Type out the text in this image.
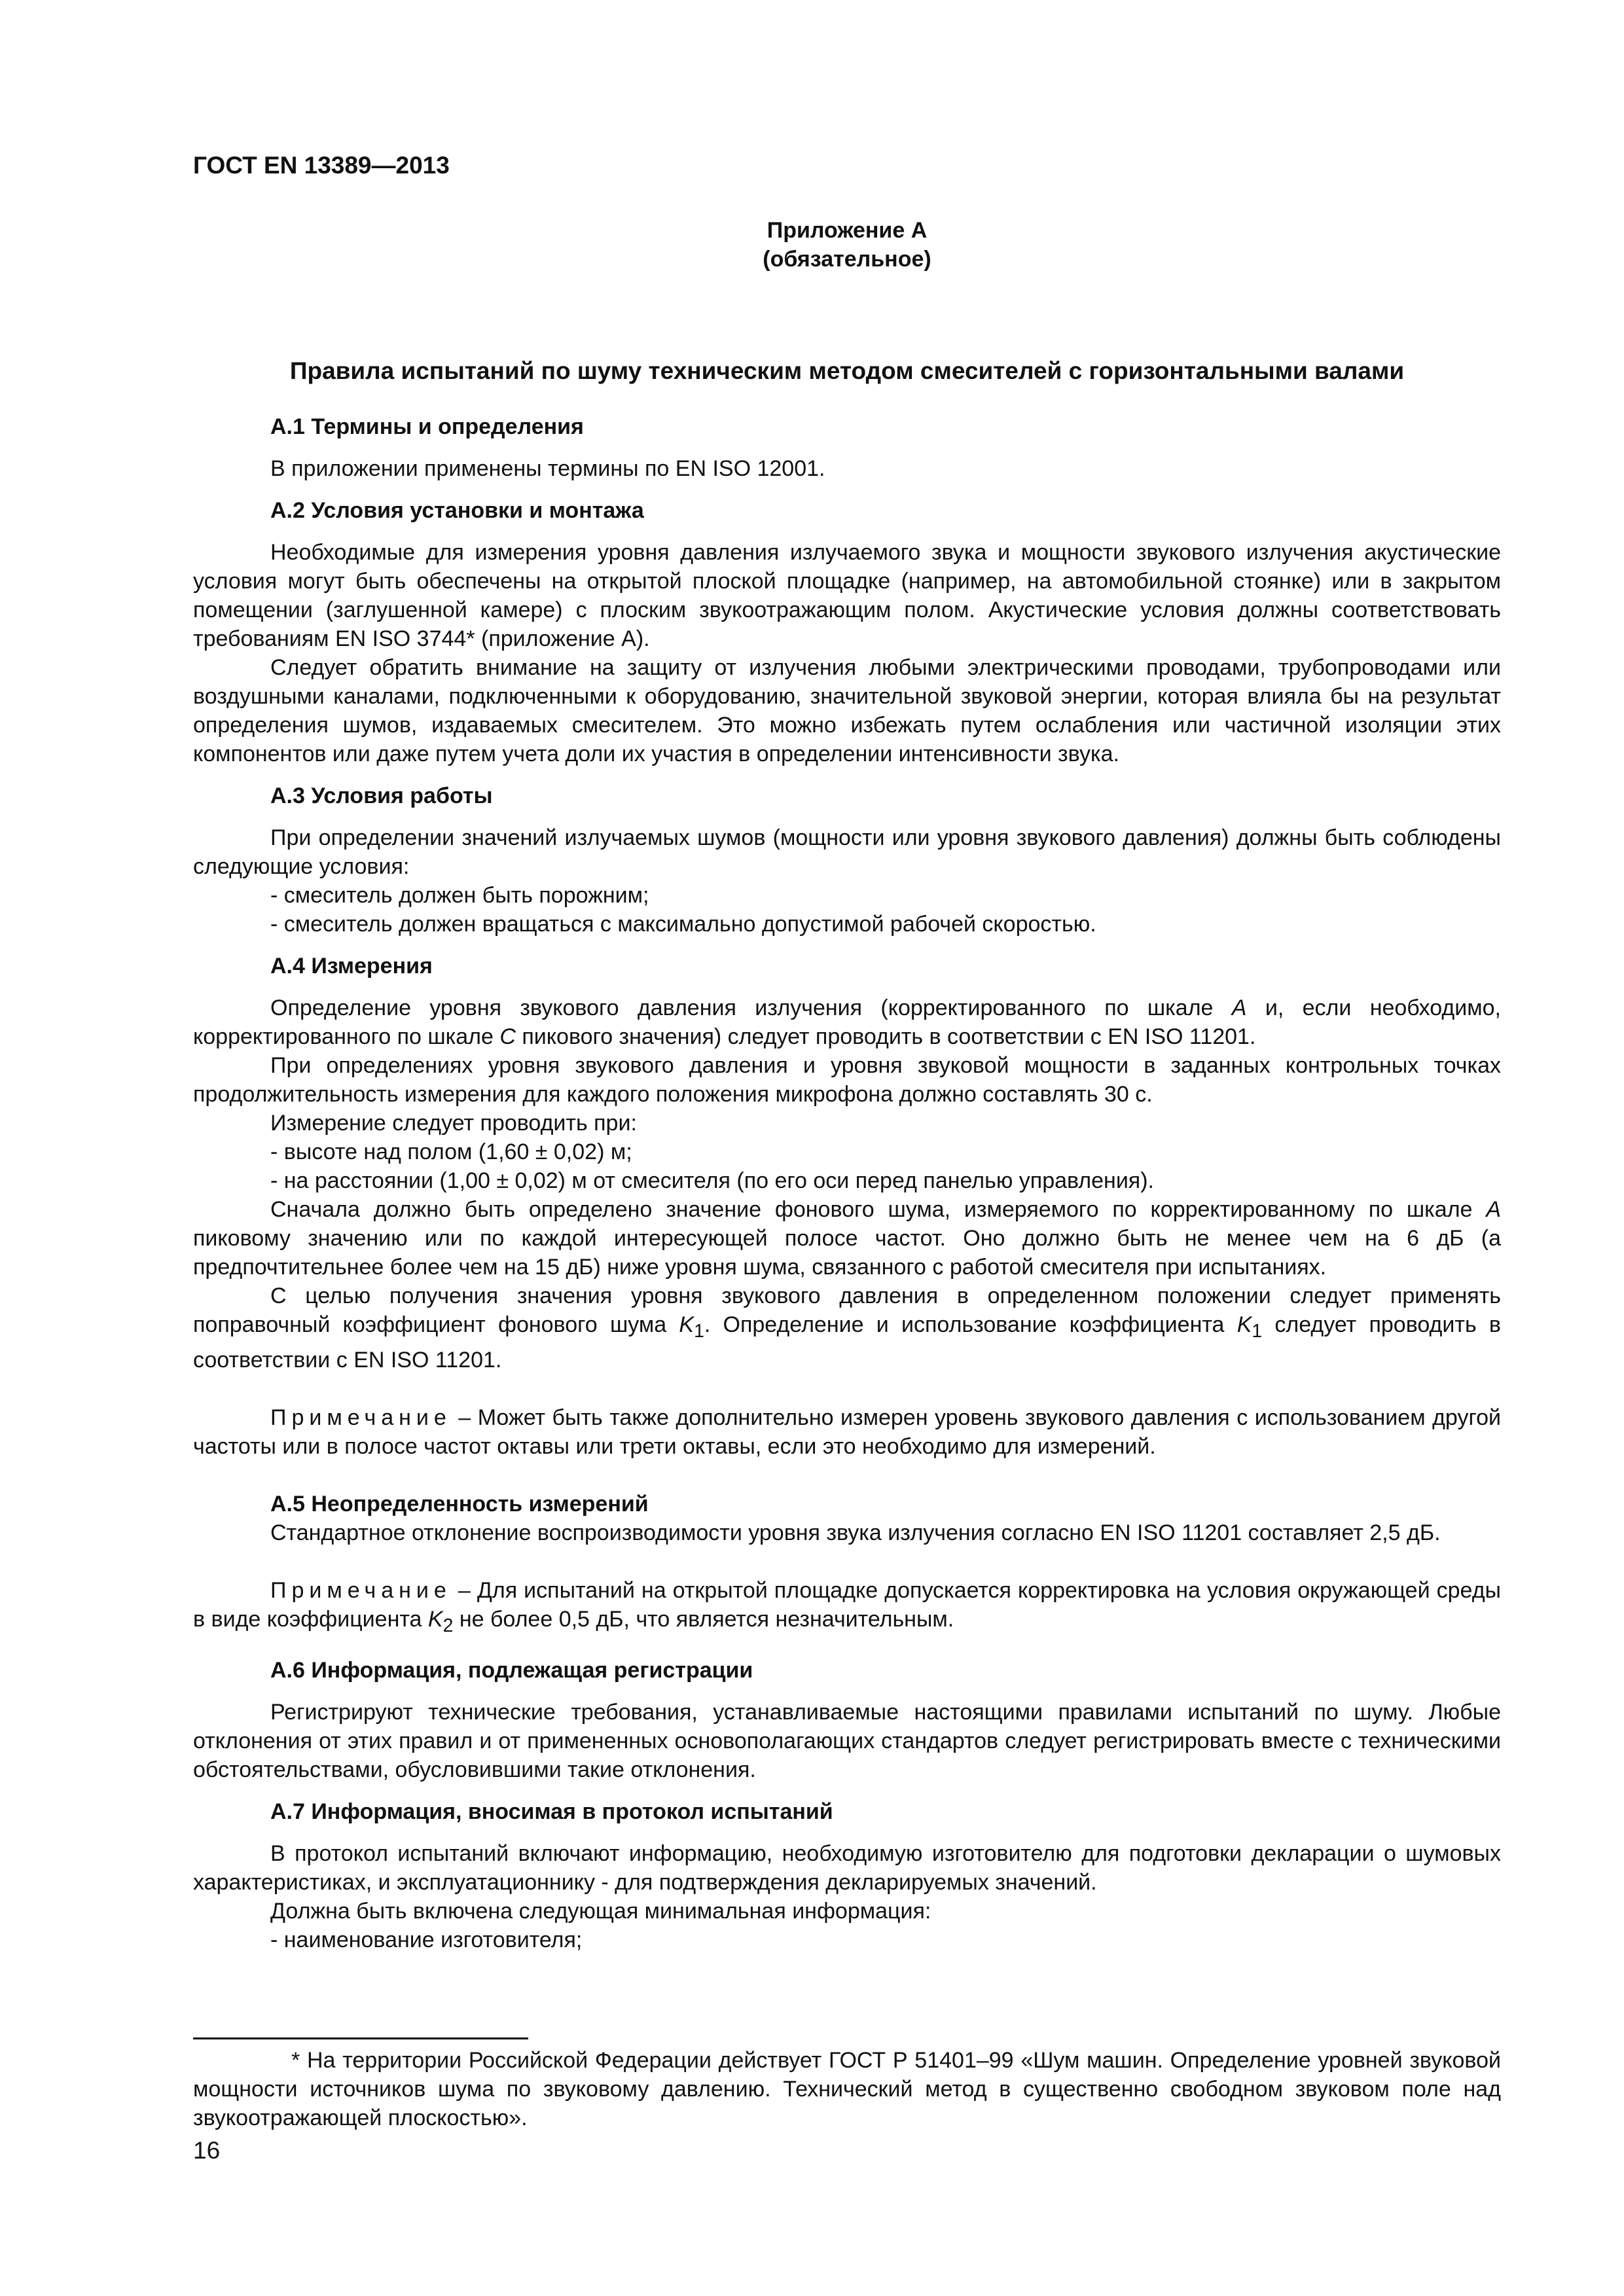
ГОСТ EN 13389—2013
Приложение А
(обязательное)
Правила испытаний по шуму техническим методом смесителей с горизонтальными валами

А.1 Термины и определения

В приложении применены термины по EN ISO 12001.

А.2 Условия установки и монтажа

Необходимые для измерения уровня давления излучаемого звука и мощности звукового излучения акустические условия могут быть обеспечены на открытой плоской площадке (например, на автомобильной стоянке) или в закрытом помещении (заглушенной камере) с плоским звукоотражающим полом. Акустические условия должны соответствовать требованиям EN ISO 3744* (приложение А).

Следует обратить внимание на защиту от излучения любыми электрическими проводами, трубопроводами или воздушными каналами, подключенными к оборудованию, значительной звуковой энергии, которая влияла бы на результат определения шумов, издаваемых смесителем. Это можно избежать путем ослабления или частичной изоляции этих компонентов или даже путем учета доли их участия в определении интенсивности звука.

А.3 Условия работы

При определении значений излучаемых шумов (мощности или уровня звукового давления) должны быть соблюдены следующие условия:

- смеситель должен быть порожним;

- смеситель должен вращаться с максимально допустимой рабочей скоростью.

А.4 Измерения

Определение уровня звукового давления излучения (корректированного по шкале A и, если необходимо, корректированного по шкале C пикового значения) следует проводить в соответствии с EN ISO 11201.

При определениях уровня звукового давления и уровня звуковой мощности в заданных контрольных точках продолжительность измерения для каждого положения микрофона должно составлять 30 с.

Измерение следует проводить при:

- высоте над полом (1,60 ± 0,02) м;

- на расстоянии (1,00 ± 0,02) м от смесителя (по его оси перед панелью управления).

Сначала должно быть определено значение фонового шума, измеряемого по корректированному по шкале A пиковому значению или по каждой интересующей полосе частот. Оно должно быть не менее чем на 6 дБ (а предпочтительнее более чем на 15 дБ) ниже уровня шума, связанного с работой смесителя при испытаниях.

С целью получения значения уровня звукового давления в определенном положении следует применять поправочный коэффициент фонового шума $K_1$. Определение и использование коэффициента $K_1$ следует проводить в соответствии с EN ISO 11201.

Примечание – Может быть также дополнительно измерен уровень звукового давления с использованием другой частоты или в полосе частот октавы или трети октавы, если это необходимо для измерений.

А.5 Неопределенность измерений

Стандартное отклонение воспроизводимости уровня звука излучения согласно EN ISO 11201 составляет 2,5 дБ.

Примечание – Для испытаний на открытой площадке допускается корректировка на условия окружающей среды в виде коэффициента $K_2$ не более 0,5 дБ, что является незначительным.

А.6 Информация, подлежащая регистрации

Регистрируют технические требования, устанавливаемые настоящими правилами испытаний по шуму. Любые отклонения от этих правил и от примененных основополагающих стандартов следует регистрировать вместе с техническими обстоятельствами, обусловившими такие отклонения.

А.7 Информация, вносимая в протокол испытаний

В протокол испытаний включают информацию, необходимую изготовителю для подготовки декларации о шумовых характеристиках, и эксплуатационнику - для подтверждения декларируемых значений.

Должна быть включена следующая минимальная информация:

- наименование изготовителя;

* На территории Российской Федерации действует ГОСТ Р 51401–99 «Шум машин. Определение уровней звуковой мощности источников шума по звуковому давлению. Технический метод в существенно свободном звуковом поле над звукоотражающей плоскостью».

16
